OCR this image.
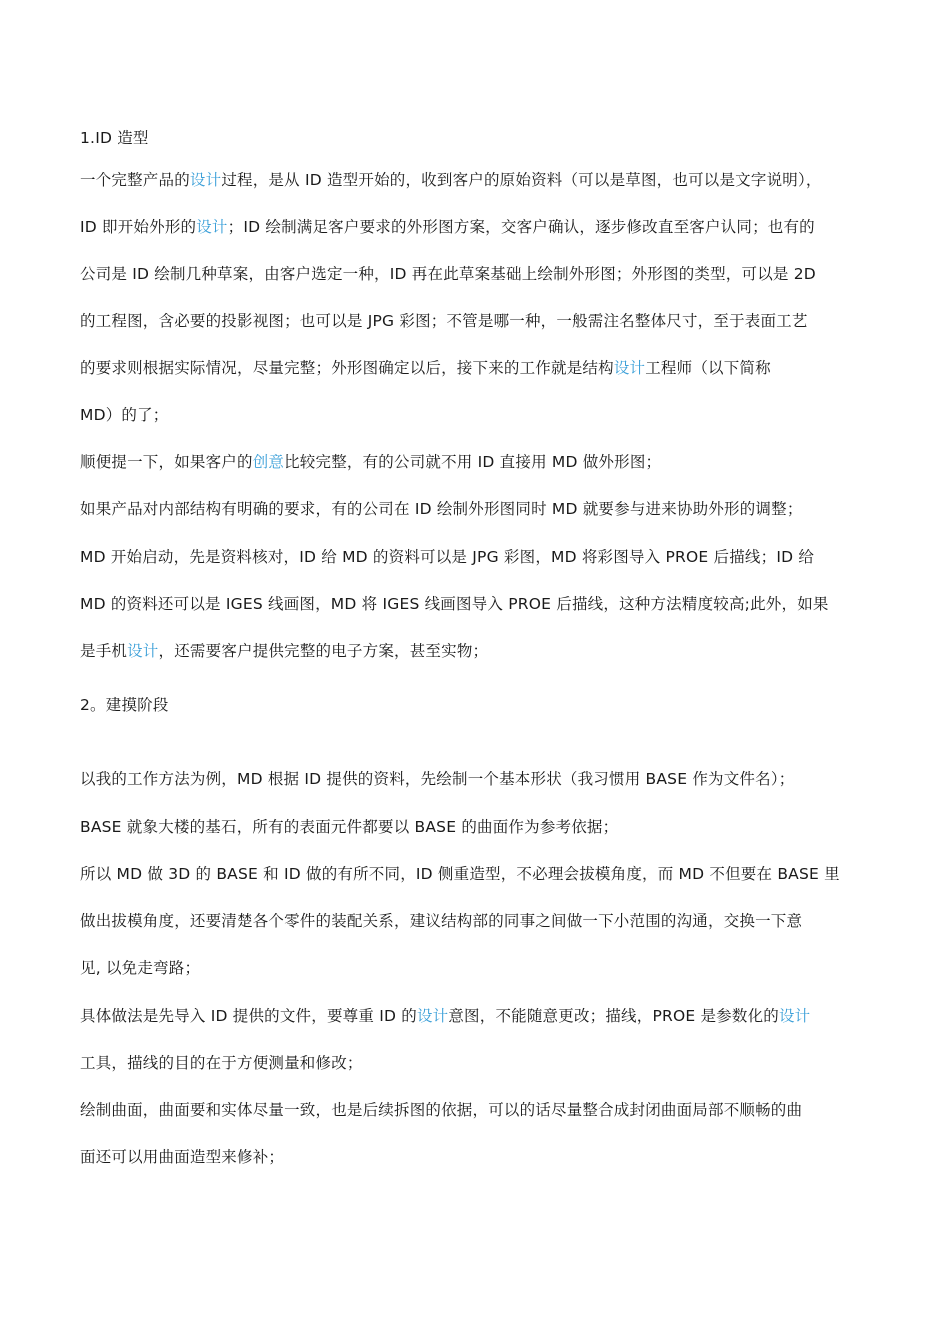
1.ID 造型
一个完整产品的设计过程，是从 ID 造型开始的，收到客户的原始资料（可以是草图，也可以是文字说明），
ID 即开始外形的设计；ID 绘制满足客户要求的外形图方案，交客户确认，逐步修改直至客户认同；也有的
公司是 ID 绘制几种草案，由客户选定一种，ID 再在此草案基础上绘制外形图；外形图的类型，可以是 2D
的工程图，含必要的投影视图；也可以是 JPG 彩图；不管是哪一种，一般需注名整体尺寸，至于表面工艺
的要求则根据实际情况，尽量完整；外形图确定以后，接下来的工作就是结构设计工程师（以下简称
MD）的了；
顺便提一下，如果客户的创意比较完整，有的公司就不用 ID 直接用 MD 做外形图；
如果产品对内部结构有明确的要求，有的公司在 ID 绘制外形图同时 MD 就要参与进来协助外形的调整；
MD 开始启动，先是资料核对，ID 给 MD 的资料可以是 JPG 彩图，MD 将彩图导入 PROE 后描线；ID 给
MD 的资料还可以是 IGES 线画图，MD 将 IGES 线画图导入 PROE 后描线，这种方法精度较高;此外，如果
是手机设计，还需要客户提供完整的电子方案，甚至实物；
2。建摸阶段
以我的工作方法为例，MD 根据 ID 提供的资料，先绘制一个基本形状（我习惯用 BASE 作为文件名）；
BASE 就象大楼的基石，所有的表面元件都要以 BASE 的曲面作为参考依据；
所以 MD 做 3D 的 BASE 和 ID 做的有所不同，ID 侧重造型，不必理会拔模角度，而 MD 不但要在 BASE 里
做出拔模角度，还要清楚各个零件的装配关系，建议结构部的同事之间做一下小范围的沟通，交换一下意
见, 以免走弯路；
具体做法是先导入 ID 提供的文件，要尊重 ID 的设计意图，不能随意更改；描线，PROE 是参数化的设计
工具，描线的目的在于方便测量和修改；
绘制曲面，曲面要和实体尽量一致，也是后续拆图的依据，可以的话尽量整合成封闭曲面局部不顺畅的曲
面还可以用曲面造型来修补；
